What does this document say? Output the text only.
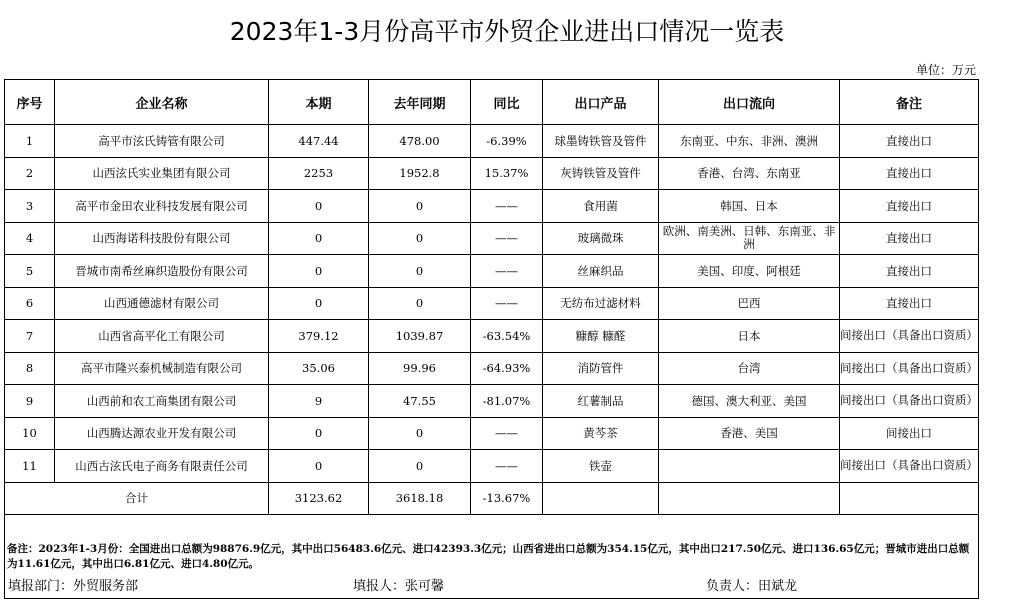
2023年1-3月份高平市外贸企业进出口情况一览表
单位：万元
序号	企业名称	本期	去年同期	同比	出口产品	出口流向	备注
1	高平市泫氏铸管有限公司	447.44	478.00	-6.39%	球墨铸铁管及管件	东南亚、中东、非洲、澳洲	直接出口
2	山西泫氏实业集团有限公司	2253	1952.8	15.37%	灰铸铁管及管件	香港、台湾、东南亚	直接出口
3	高平市金田农业科技发展有限公司	0	0	——	食用菌	韩国、日本	直接出口
4	山西海诺科技股份有限公司	0	0	——	玻璃微珠	欧洲、南美洲、日韩、东南亚、非洲	直接出口
5	晋城市南希丝麻织造股份有限公司	0	0	——	丝麻织品	美国、印度、阿根廷	直接出口
6	山西通德滤材有限公司	0	0	——	无纺布过滤材料	巴西	直接出口
7	山西省高平化工有限公司	379.12	1039.87	-63.54%	糠醇 糠醛	日本	间接出口（具备出口资质）
8	高平市隆兴泰机械制造有限公司	35.06	99.96	-64.93%	消防管件	台湾	间接出口（具备出口资质）
9	山西前和农工商集团有限公司	9	47.55	-81.07%	红薯制品	德国、澳大利亚、美国	间接出口（具备出口资质）
10	山西腾达源农业开发有限公司	0	0	——	黄芩茶	香港、美国	间接出口
11	山西古泫氏电子商务有限责任公司	0	0	——	铁壶		间接出口（具备出口资质）
合计		3123.62	3618.18	-13.67%			
备注：2023年1-3月份：全国进出口总额为98876.9亿元，其中出口56483.6亿元、进口42393.3亿元；山西省进出口总额为354.15亿元，其中出口217.50亿元、进口136.65亿元；晋城市进出口总额为11.61亿元，其中出口6.81亿元、进口4.80亿元。							
填报部门：外贸服务部	填报人：张可馨	负责人：田斌龙
